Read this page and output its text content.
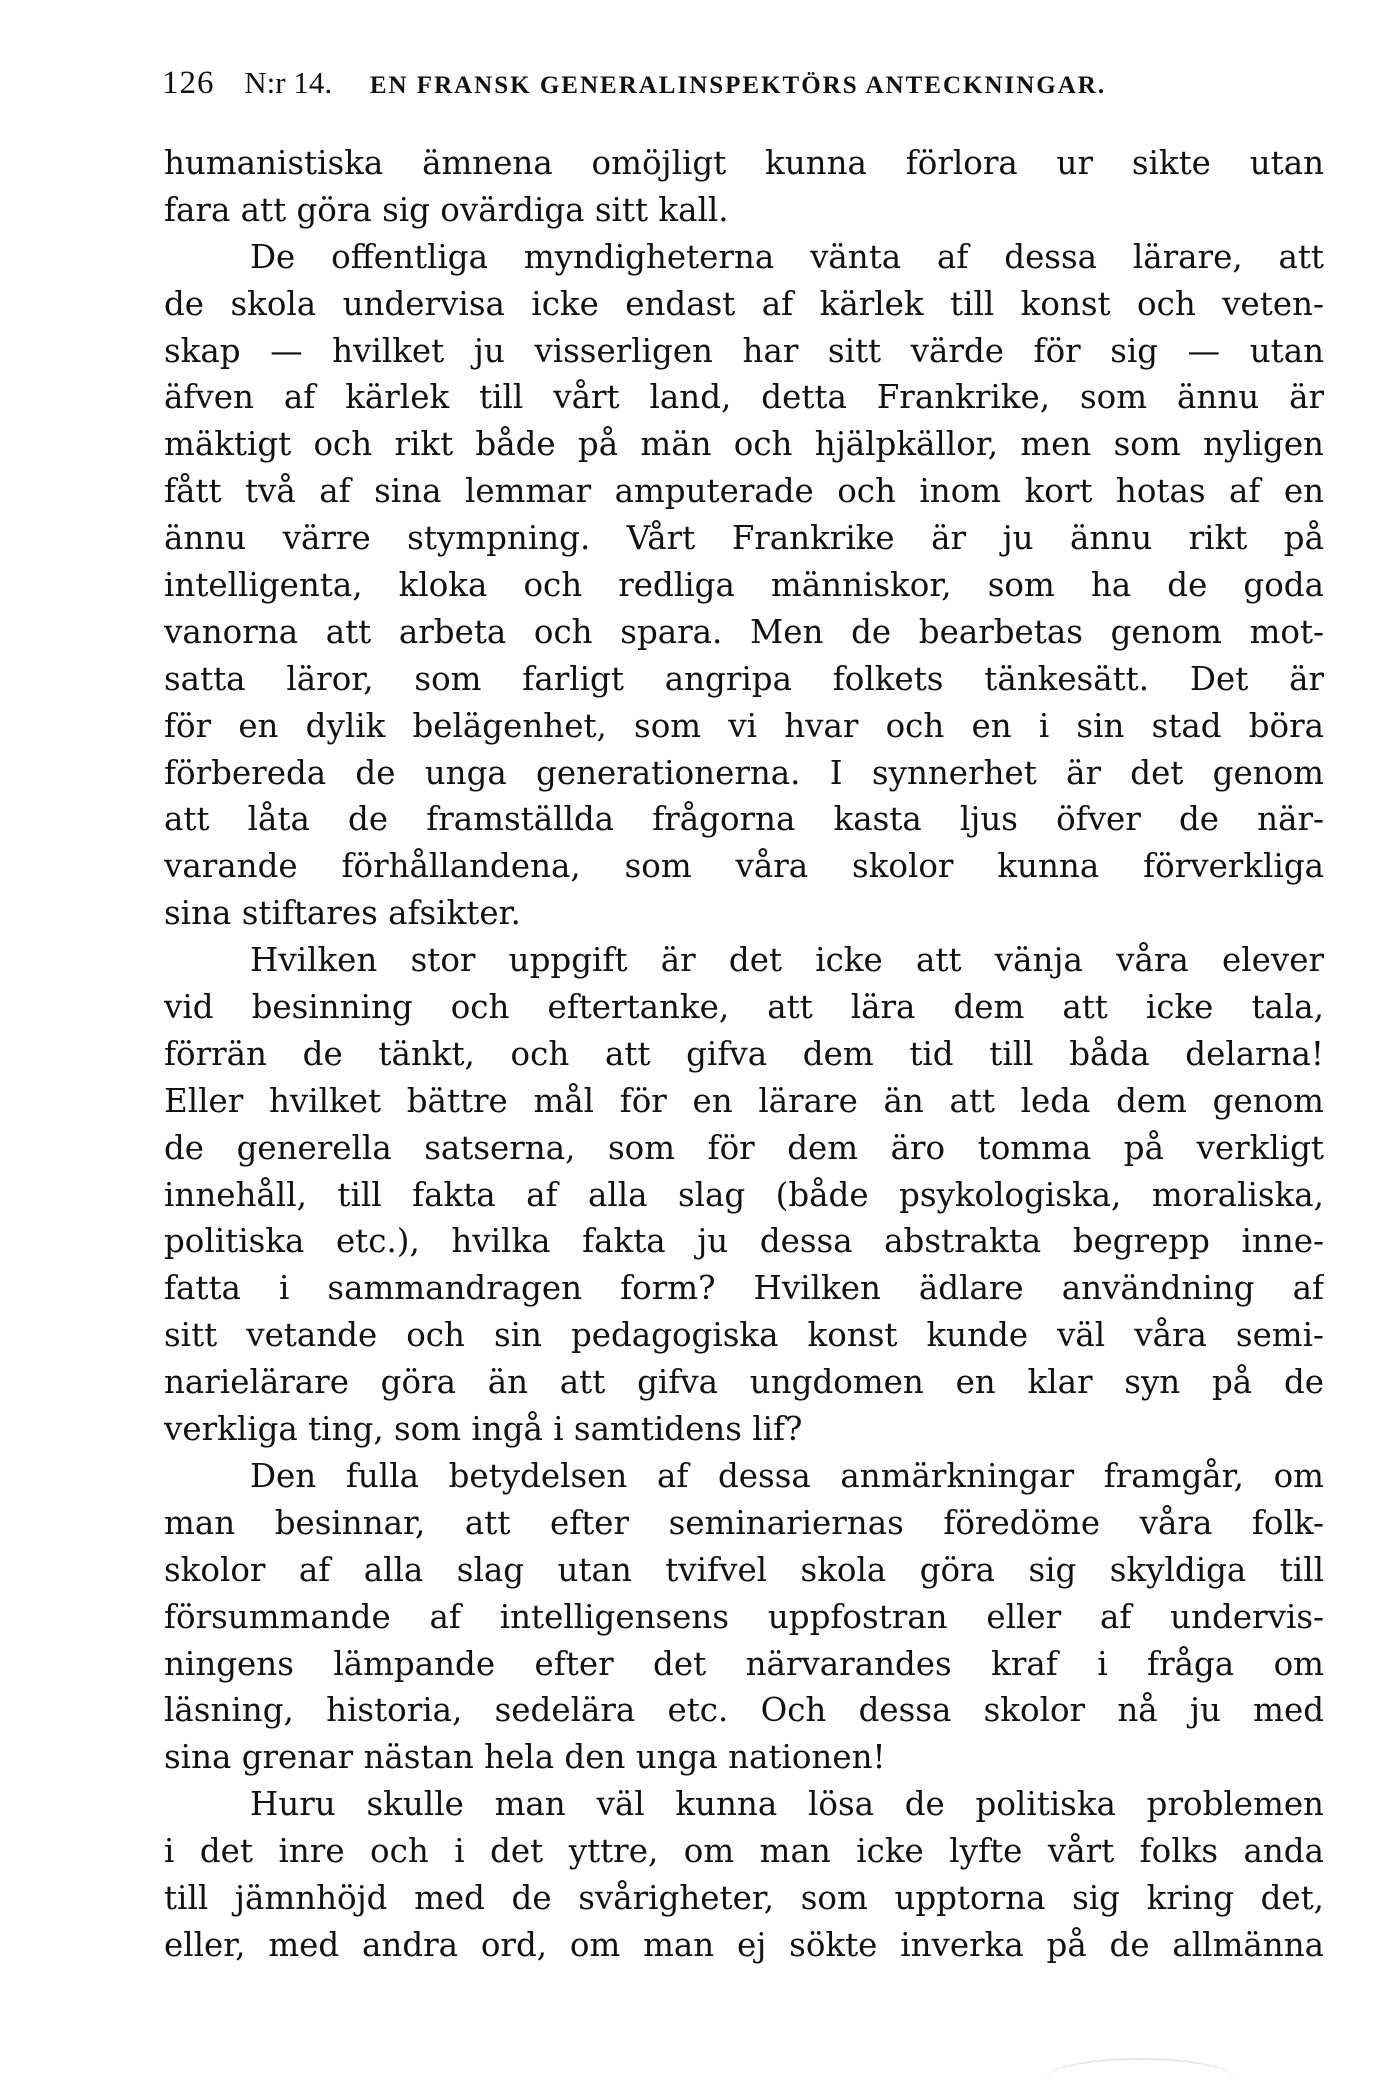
126 N:r 14. EN FRANSK GENERALINSPEKTÖRS ANTECKNINGAR.
humanistiska ämnena omöjligt kunna förlora ur sikte utan
fara att göra sig ovärdiga sitt kall.
De offentliga myndigheterna vänta af dessa lärare, att
de skola undervisa icke endast af kärlek till konst och veten-
skap — hvilket ju visserligen har sitt värde för sig — utan
äfven af kärlek till vårt land, detta Frankrike, som ännu är
mäktigt och rikt både på män och hjälpkällor, men som nyligen
fått två af sina lemmar amputerade och inom kort hotas af en
ännu värre stympning. Vårt Frankrike är ju ännu rikt på
intelligenta, kloka och redliga människor, som ha de goda
vanorna att arbeta och spara. Men de bearbetas genom mot-
satta läror, som farligt angripa folkets tänkesätt. Det är
för en dylik belägenhet, som vi hvar och en i sin stad böra
förbereda de unga generationerna. I synnerhet är det genom
att låta de framställda frågorna kasta ljus öfver de när-
varande förhållandena, som våra skolor kunna förverkliga
sina stiftares afsikter.
Hvilken stor uppgift är det icke att vänja våra elever
vid besinning och eftertanke, att lära dem att icke tala,
förrän de tänkt, och att gifva dem tid till båda delarna!
Eller hvilket bättre mål för en lärare än att leda dem genom
de generella satserna, som för dem äro tomma på verkligt
innehåll, till fakta af alla slag (både psykologiska, moraliska,
politiska etc.), hvilka fakta ju dessa abstrakta begrepp inne-
fatta i sammandragen form? Hvilken ädlare användning af
sitt vetande och sin pedagogiska konst kunde väl våra semi-
narielärare göra än att gifva ungdomen en klar syn på de
verkliga ting, som ingå i samtidens lif?
Den fulla betydelsen af dessa anmärkningar framgår, om
man besinnar, att efter seminariernas föredöme våra folk-
skolor af alla slag utan tvifvel skola göra sig skyldiga till
försummande af intelligensens uppfostran eller af undervis-
ningens lämpande efter det närvarandes kraf i fråga om
läsning, historia, sedelära etc. Och dessa skolor nå ju med
sina grenar nästan hela den unga nationen!
Huru skulle man väl kunna lösa de politiska problemen
i det inre och i det yttre, om man icke lyfte vårt folks anda
till jämnhöjd med de svårigheter, som upptorna sig kring det,
eller, med andra ord, om man ej sökte inverka på de allmänna
